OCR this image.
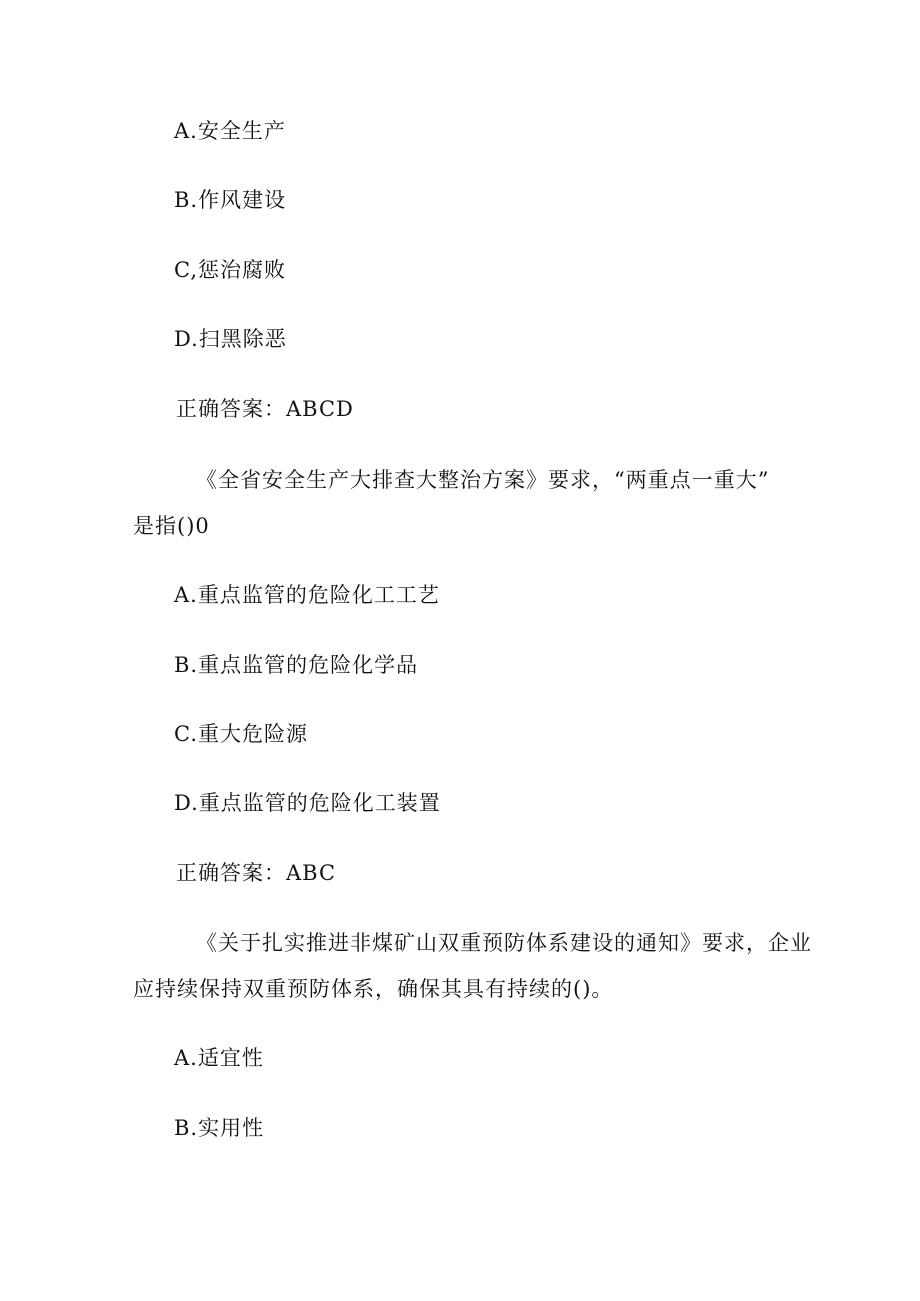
A.安全生产
B.作风建设
C,惩治腐败
D.扫黑除恶
正确答案：ABCD
《全省安全生产大排查大整治方案》要求，“两重点一重大”
是指()0
A.重点监管的危险化工工艺
B.重点监管的危险化学品
C.重大危险源
D.重点监管的危险化工装置
正确答案：ABC
《关于扎实推进非煤矿山双重预防体系建设的通知》要求，企业
应持续保持双重预防体系，确保其具有持续的()。
A.适宜性
B.实用性
